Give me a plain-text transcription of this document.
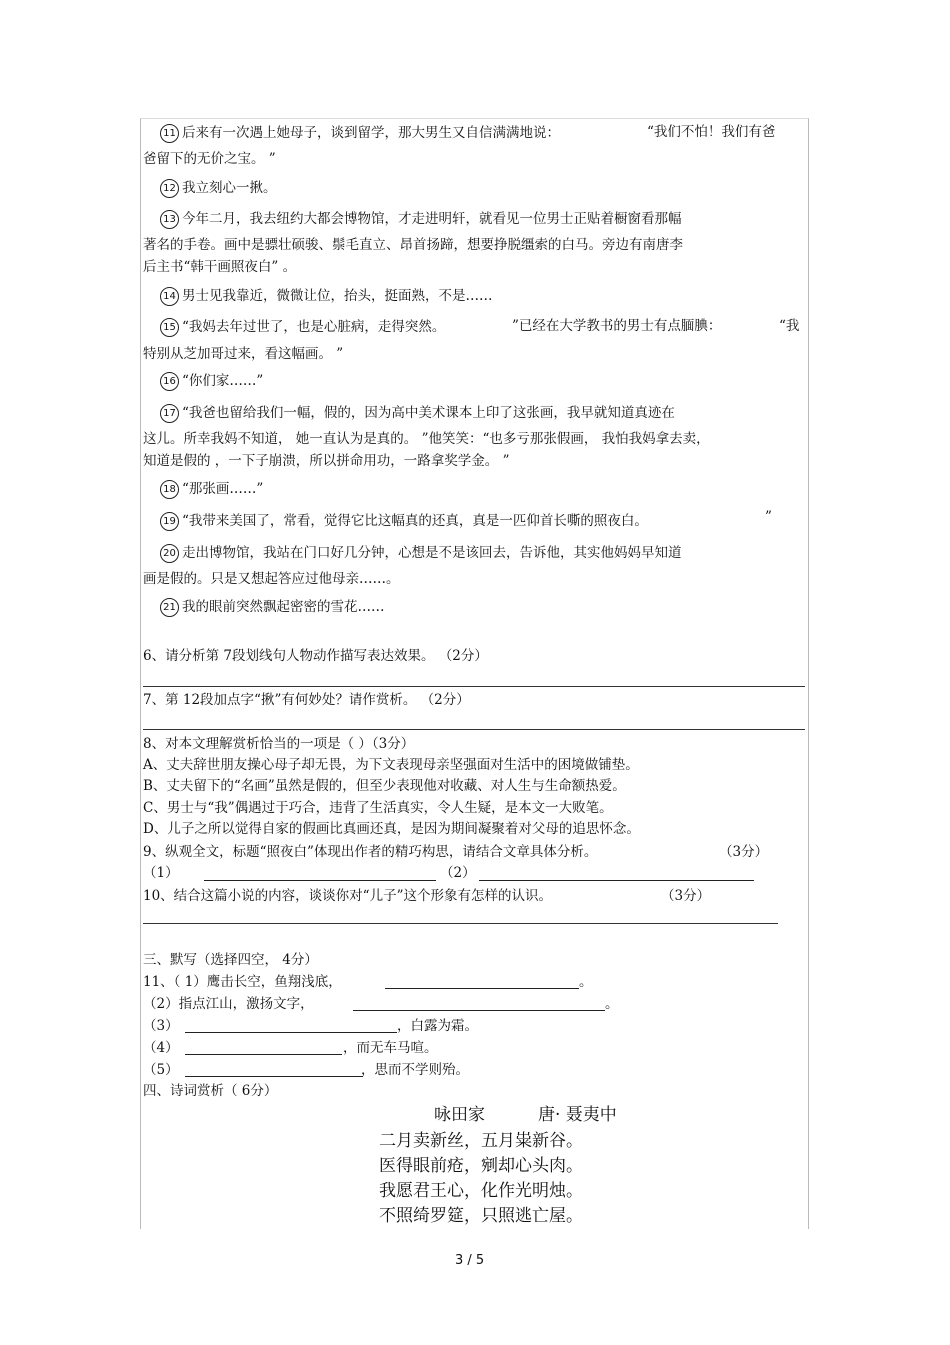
11 后来有一次遇上她母子，谈到留学，那大男生又自信满满地说：	“我们不怕！我们有爸
爸留下的无价之宝。 ”
12 我立刻心一揪。
13 今年二月，我去纽约大都会博物馆，才走进明轩，就看见一位男士正贴着橱窗看那幅
著名的手卷。画中是骠壮硕骏、鬃毛直立、昂首扬蹄，想要挣脱缰索的白马。旁边有南唐李
后主书“韩干画照夜白” 。
14 男士见我靠近，微微让位，抬头，挺面熟，不是……
15 “我妈去年过世了，也是心脏病，走得突然。	”已经在大学教书的男士有点腼腆：	“我
特别从芝加哥过来，看这幅画。 ”
16 “你们家……”
17 “我爸也留给我们一幅，假的，因为高中美术课本上印了这张画，我早就知道真迹在
这儿。所幸我妈不知道， 她一直认为是真的。 ”他笑笑：“也多亏那张假画， 我怕我妈拿去卖，
知道是假的 ，一下子崩溃，所以拼命用功，一路拿奖学金。 ”
18 “那张画……”
19 “我带来美国了，常看，觉得它比这幅真的还真，真是一匹仰首长嘶的照夜白。	”
20 走出博物馆，我站在门口好几分钟，心想是不是该回去，告诉他，其实他妈妈早知道
画是假的。只是又想起答应过他母亲……。
21 我的眼前突然飘起密密的雪花……
6、请分析第 7段划线句人物动作描写表达效果。 （2分）
7、第 12段加点字“揪”有何妙处？请作赏析。 （2分）
8、对本文理解赏析恰当的一项是（ ）（3分）
A、丈夫辞世朋友操心母子却无畏，为下文表现母亲坚强面对生活中的困境做铺垫。
B、丈夫留下的“名画”虽然是假的，但至少表现他对收藏、对人生与生命额热爱。
C、男士与“我”偶遇过于巧合，违背了生活真实，令人生疑，是本文一大败笔。
D、儿子之所以觉得自家的假画比真画还真，是因为期间凝聚着对父母的追思怀念。
9、纵观全文，标题“照夜白”体现出作者的精巧构思，请结合文章具体分析。	（3分）
（1）	（2）
10、结合这篇小说的内容，谈谈你对“儿子”这个形象有怎样的认识。	（3分）
三、默写（选择四空， 4分）
11、（ 1）鹰击长空，鱼翔浅底，	。
（2）指点江山，激扬文字，	。
（3）	，白露为霜。
（4）	，而无车马喧。
（5）	，思而不学则殆。
四、诗词赏析（ 6分）
咏田家	唐· 聂夷中
二月卖新丝，五月粜新谷。
医得眼前疮，剜却心头肉。
我愿君王心，化作光明烛。
不照绮罗筵，只照逃亡屋。
3 / 5
